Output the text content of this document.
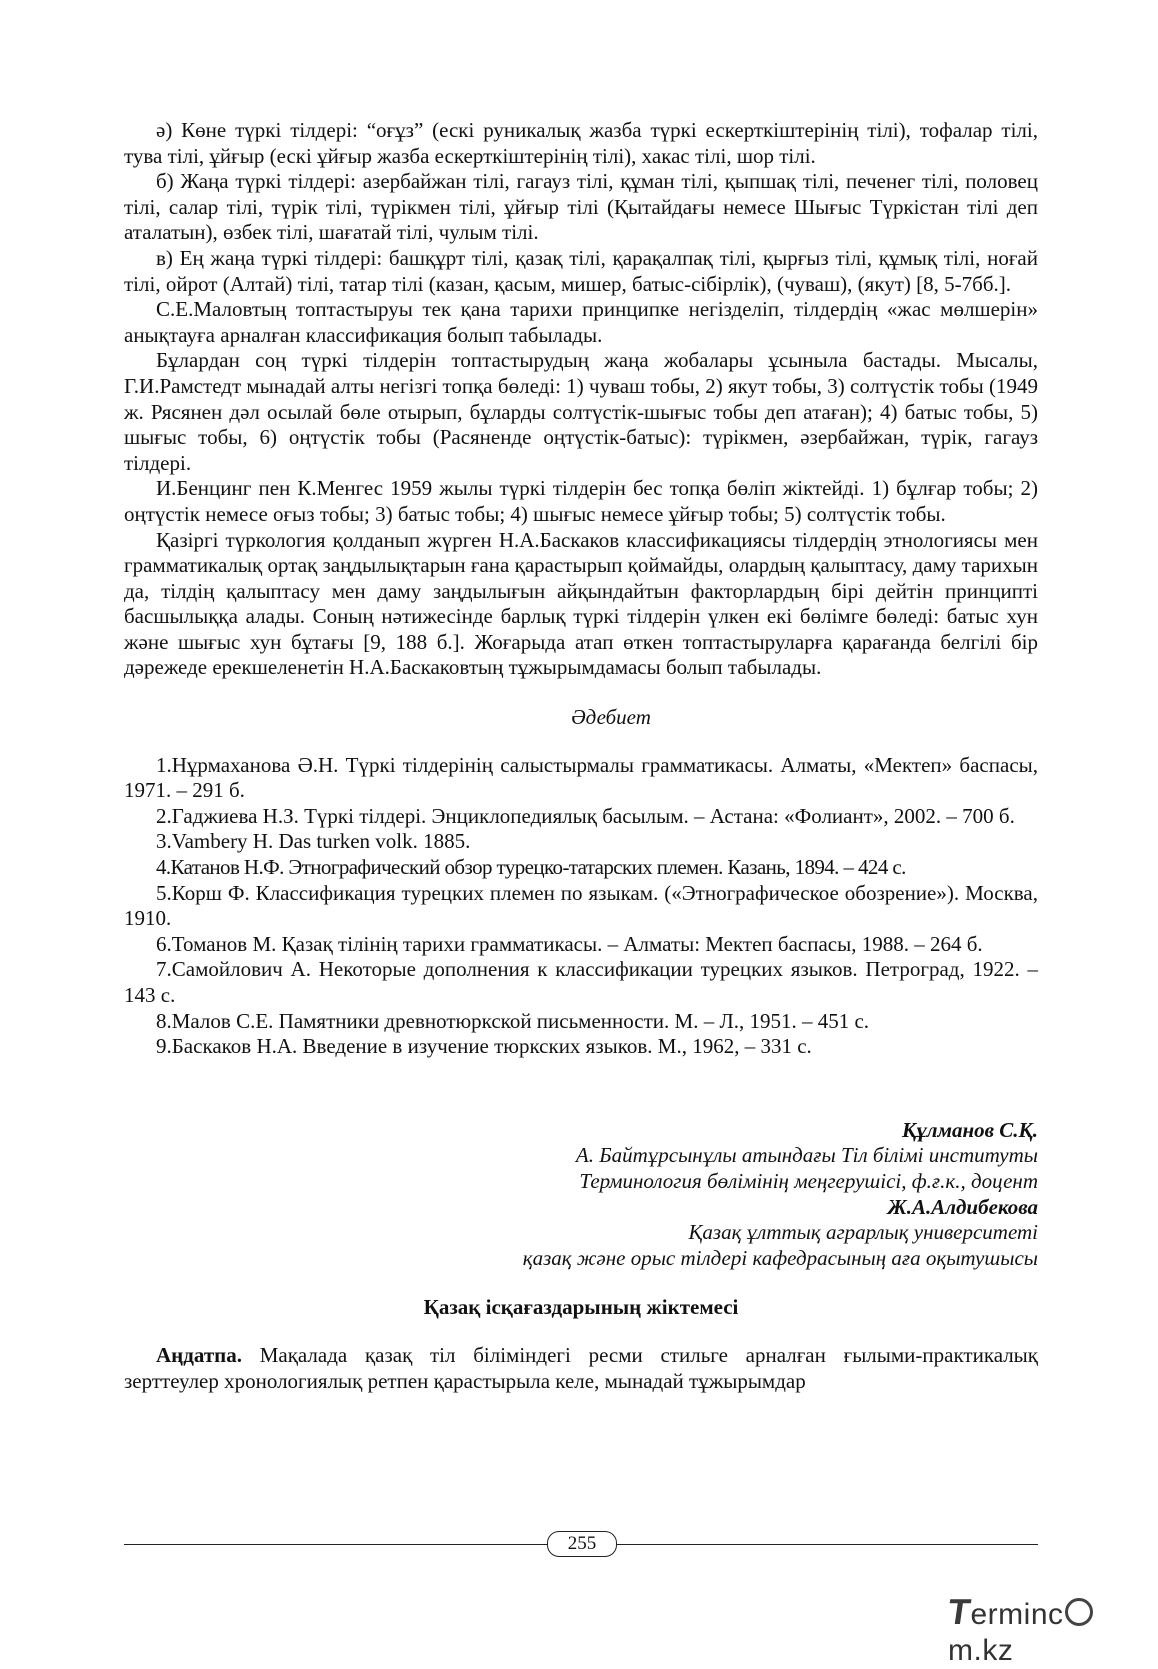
ә) Көне түркі тілдері: “оғұз” (ескі руникалық жазба түркі ескерткіштерінің тілі), тофалар тілі, тува тілі, ұйғыр (ескі ұйғыр жазба ескерткіштерінің тілі), хакас тілі, шор тілі.

б) Жаңа түркі тілдері: азербайжан тілі, гагауз тілі, құман тілі, қыпшақ тілі, печенег тілі, половец тілі, салар тілі, түрік тілі, түрікмен тілі, ұйғыр тілі (Қытайдағы немесе Шығыс Түркістан тілі деп аталатын), өзбек тілі, шағатай тілі, чулым тілі.

в) Ең жаңа түркі тілдері: башқұрт тілі, қазақ тілі, қарақалпақ тілі, қырғыз тілі, құмық тілі, ноғай тілі, ойрот (Алтай) тілі, татар тілі (казан, қасым, мишер, батыс-сібірлік), (чуваш), (якут) [8, 5-7бб.].

С.Е.Маловтың топтастыруы тек қана тарихи принципке негізделіп, тілдердің «жас мөлшерін» анықтауға арналған классификация болып табылады.

Бұлардан соң түркі тілдерін топтастырудың жаңа жобалары ұсыныла бастады. Мысалы, Г.И.Рамстедт мынадай алты негізгі топқа бөледі: 1) чуваш тобы, 2) якут тобы, 3) солтүстік тобы (1949 ж. Рясянен дәл осылай бөле отырып, бұларды солтүстік-шығыс тобы деп атаған); 4) батыс тобы, 5) шығыс тобы, 6) оңтүстік тобы (Расяненде оңтүстік-батыс): түрікмен, әзербайжан, түрік, гагауз тілдері.

И.Бенцинг пен К.Менгес 1959 жылы түркі тілдерін бес топқа бөліп жіктейді. 1) бұлғар тобы; 2) оңтүстік немесе оғыз тобы; 3) батыс тобы; 4) шығыс немесе ұйғыр тобы; 5) солтүстік тобы.

Қазіргі түркология қолданып жүрген Н.А.Баскаков классификациясы тілдердің этнологиясы мен грамматикалық ортақ заңдылықтарын ғана қарастырып қоймайды, олардың қалыптасу, даму тарихын да, тілдің қалыптасу мен даму заңдылығын айқындайтын факторлардың бірі дейтін принципті басшылыққа алады. Соның нәтижесінде барлық түркі тілдерін үлкен екі бөлімге бөледі: батыс хун және шығыс хун бұтағы [9, 188 б.]. Жоғарыда атап өткен топтастыруларға қарағанда белгілі бір дәрежеде ерекшеленетін Н.А.Баскаковтың тұжырымдамасы болып табылады.

Әдебиет

1.Нұрмаханова Ә.Н. Түркі тілдерінің салыстырмалы грамматикасы. Алматы, «Мектеп» баспасы, 1971. – 291 б.

2.Гаджиева Н.З. Түркі тілдері. Энциклопедиялық басылым. – Астана: «Фолиант», 2002. – 700 б.

3.Vambery H. Das turken volk. 1885.

4.Катанов Н.Ф. Этнографический обзор турецко-татарских племен. Казань, 1894. – 424 с.

5.Корш Ф. Классификация турецких племен по языкам. («Этнографическое обозрение»). Москва, 1910.

6.Томанов М. Қазақ тілінің тарихи грамматикасы. – Алматы: Мектеп баспасы, 1988. – 264 б.

7.Самойлович А. Некоторые дополнения к классификации турецких языков. Петроград, 1922. – 143 с.

8.Малов С.Е. Памятники древнотюркской письменности. М. – Л., 1951. – 451 с.

9.Баскаков Н.А. Введение в изучение тюркских языков. М., 1962, – 331 с.

Құлманов С.Қ.
А. Байтұрсынұлы атындағы Тіл білімі институты
Терминология бөлімінің меңгерушісі, ф.ғ.к., доцент
Ж.А.Алдибекова
Қазақ ұлттық аграрлық университеті
қазақ және орыс тілдері кафедрасының аға оқытушысы
Қазақ ісқағаздарының жіктемесі

Аңдатпа. Мақалада қазақ тіл біліміндегі ресми стильге арналған ғылыми-практикалық зерттеулер хронологиялық ретпен қарастырыла келе, мынадай тұжырымдар

255
Termincm.kz
